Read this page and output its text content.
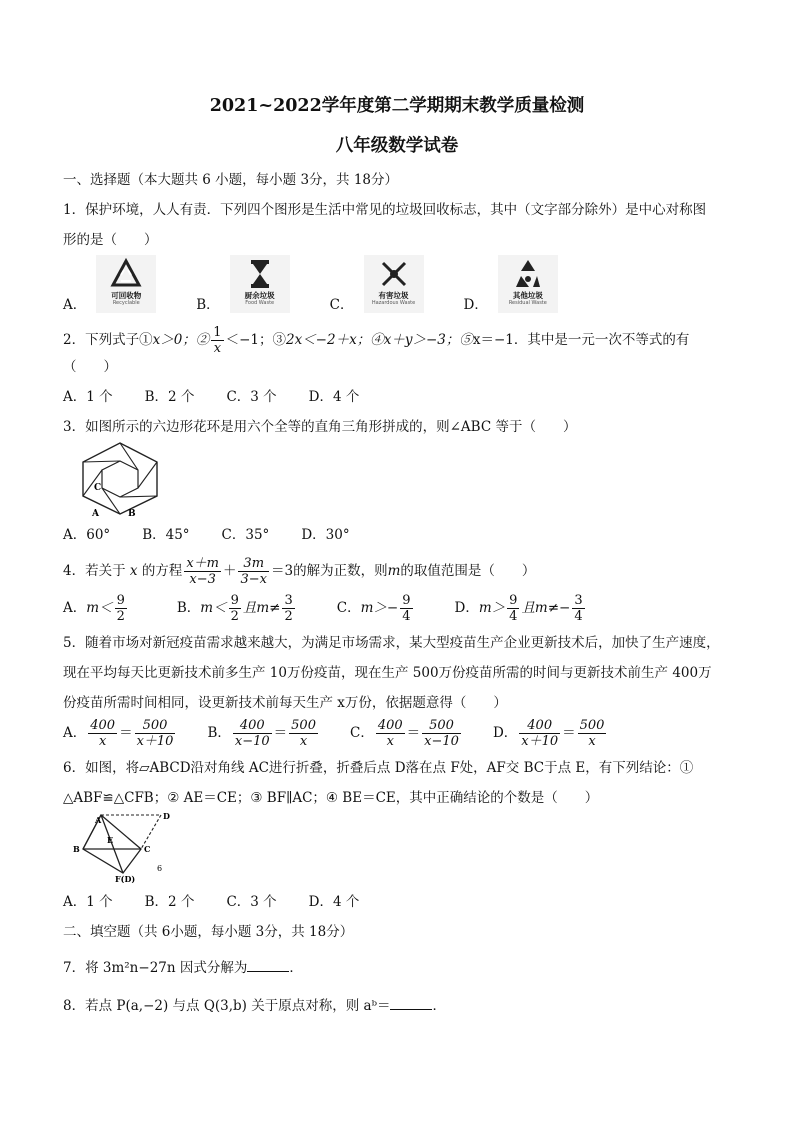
2021~2022学年度第二学期期末教学质量检测

八年级数学试卷

一、选择题（本大题共 6 小题，每小题 3分，共 18分）

1．保护环境，人人有责．下列四个图形是生活中常见的垃圾回收标志，其中（文字部分除外）是中心对称图

形的是（　　）

A．
可回收物
Recyclable	B．
厨余垃圾
Food Waste	C．
有害垃圾
Hazardous Waste	D．
其他垃圾
Residual Waste
2．下列式子①x＞0；② $\frac{1}{x} <-1$；③2x＜−2＋x；④x＋y＞−3；⑤x＝−1．其中是一元一次不等式的有

（　　）

A．1 个 B．2 个 C．3 个 D．4 个

3．如图所示的六边形花环是用六个全等的直角三角形拼成的，则∠ABC 等于（　　）

C
A	B

A．60° B．45° C．35° D．30°

4．若关于 x 的方程 $\frac{x+m}{x-3} + \frac{3m}{3-x} =3$的解为正数，则m的取值范围是（　　）
A．$m< \frac{9}{2}$	B．$m< \frac{9}{2}$ 且$m\ne \frac{3}{2}$	C．$m>- \frac{9}{4}$	D．$m> \frac{9}{4}$ 且$m\ne- \frac{3}{4}$

5．随着市场对新冠疫苗需求越来越大，为满足市场需求，某大型疫苗生产企业更新技术后，加快了生产速度，

现在平均每天比更新技术前多生产 10万份疫苗，现在生产 500万份疫苗所需的时间与更新技术前生产 400万

份疫苗所需时间相同，设更新技术前每天生产 x万份，依据题意得（　　）

A． $\frac{400}{x} = \frac{500}{x+10}$ B． $\frac{400}{x-10} = \frac{500}{x}$ C． $\frac{400}{x} = \frac{500}{x-10}$ D． $\frac{400}{x+10} = \frac{500}{x}$

6．如图，将▱ABCD沿对角线 AC进行折叠，折叠后点 D落在点 F处，AF交 BC于点 E，有下列结论：①

△ABF≌△CFB；② AE＝CE；③ BF∥AC；④ BE＝CE，其中正确结论的个数是（　　）

D
B	C
E
F(D)
6
A

A．1 个 B．2 个 C．3 个 D．4 个

二、填空题（共 6小题，每小题 3分，共 18分）

7．将 3m²n−27n 因式分解为	．
8．若点 P(a,−2) 与点 Q(3,b) 关于原点对称，则 aᵇ＝	．
